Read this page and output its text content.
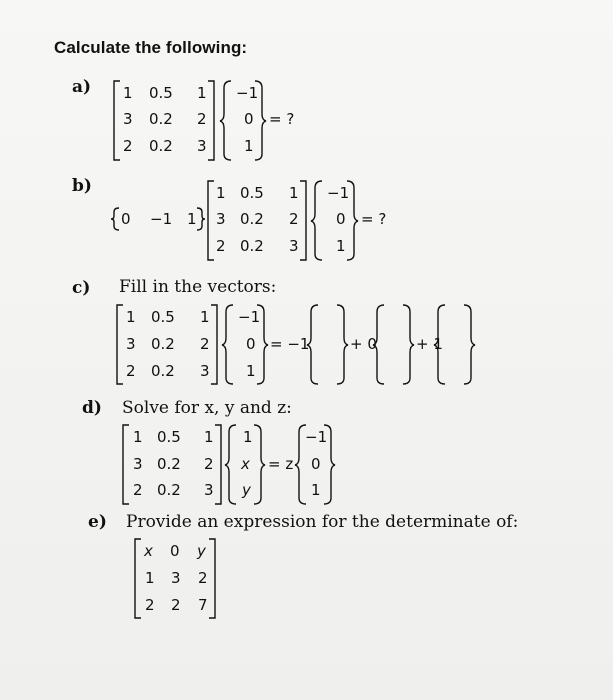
Calculate the following:
a) 1 0.5 1
3 0.2 2
2 0.2 3
−1
0
1
= ?
b)
0 −1 1
1 0.5 1
3 0.2 2
2 0.2 3
−1
0
1
= ?
c) Fill in the vectors:
1 0.5 1
3 0.2 2
2 0.2 3
−1
0
1
= −1	+ 0	+ 1
d) Solve for x, y and z:
1 0.5 1
3 0.2 2
2 0.2 3
1
x
y
= z
−1
0
1
e) Provide an expression for the determinate of:
x 0 y
1 3 2
2 2 7
